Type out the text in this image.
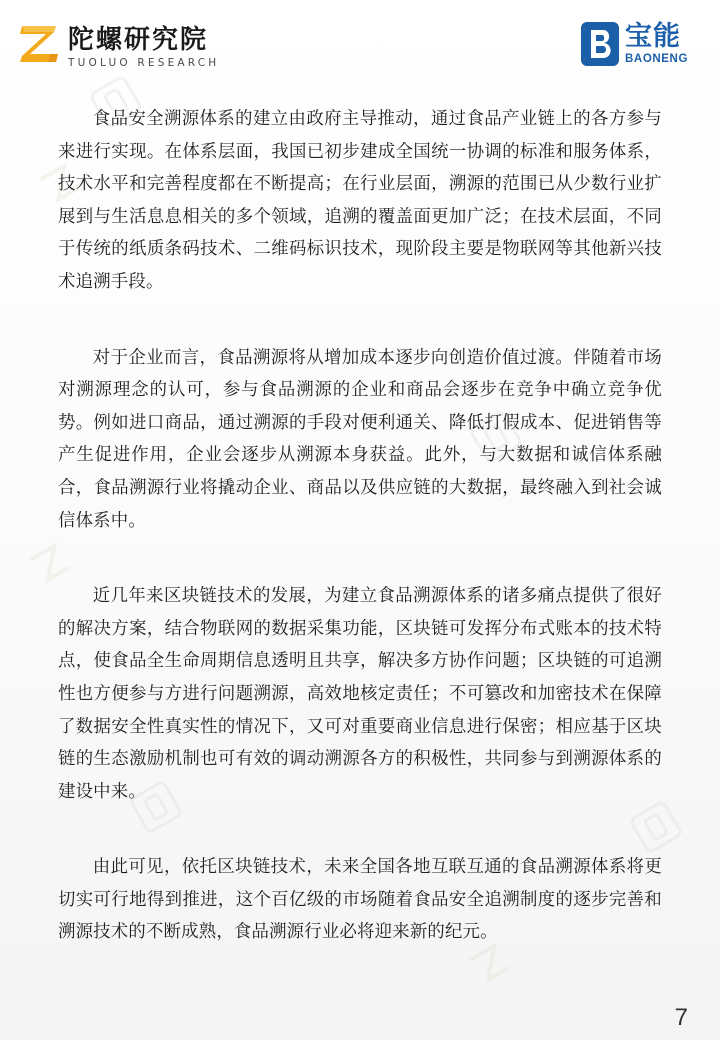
陀螺研究院
TUOLUO RESEARCH
宝能
BAONENG

食品安全溯源体系的建立由政府主导推动，通过食品产业链上的各方参与来进行实现。在体系层面，我国已初步建成全国统一协调的标准和服务体系，技术水平和完善程度都在不断提高；在行业层面，溯源的范围已从少数行业扩展到与生活息息相关的多个领域，追溯的覆盖面更加广泛；在技术层面，不同于传统的纸质条码技术、二维码标识技术，现阶段主要是物联网等其他新兴技术追溯手段。

对于企业而言，食品溯源将从增加成本逐步向创造价值过渡。伴随着市场对溯源理念的认可，参与食品溯源的企业和商品会逐步在竞争中确立竞争优势。例如进口商品，通过溯源的手段对便利通关、降低打假成本、促进销售等产生促进作用，企业会逐步从溯源本身获益。此外，与大数据和诚信体系融合，食品溯源行业将撬动企业、商品以及供应链的大数据，最终融入到社会诚信体系中。

近几年来区块链技术的发展，为建立食品溯源体系的诸多痛点提供了很好的解决方案，结合物联网的数据采集功能，区块链可发挥分布式账本的技术特点，使食品全生命周期信息透明且共享，解决多方协作问题；区块链的可追溯性也方便参与方进行问题溯源，高效地核定责任；不可篡改和加密技术在保障了数据安全性真实性的情况下，又可对重要商业信息进行保密；相应基于区块链的生态激励机制也可有效的调动溯源各方的积极性，共同参与到溯源体系的建设中来。

由此可见，依托区块链技术，未来全国各地互联互通的食品溯源体系将更切实可行地得到推进，这个百亿级的市场随着食品安全追溯制度的逐步完善和溯源技术的不断成熟，食品溯源行业必将迎来新的纪元。

7
